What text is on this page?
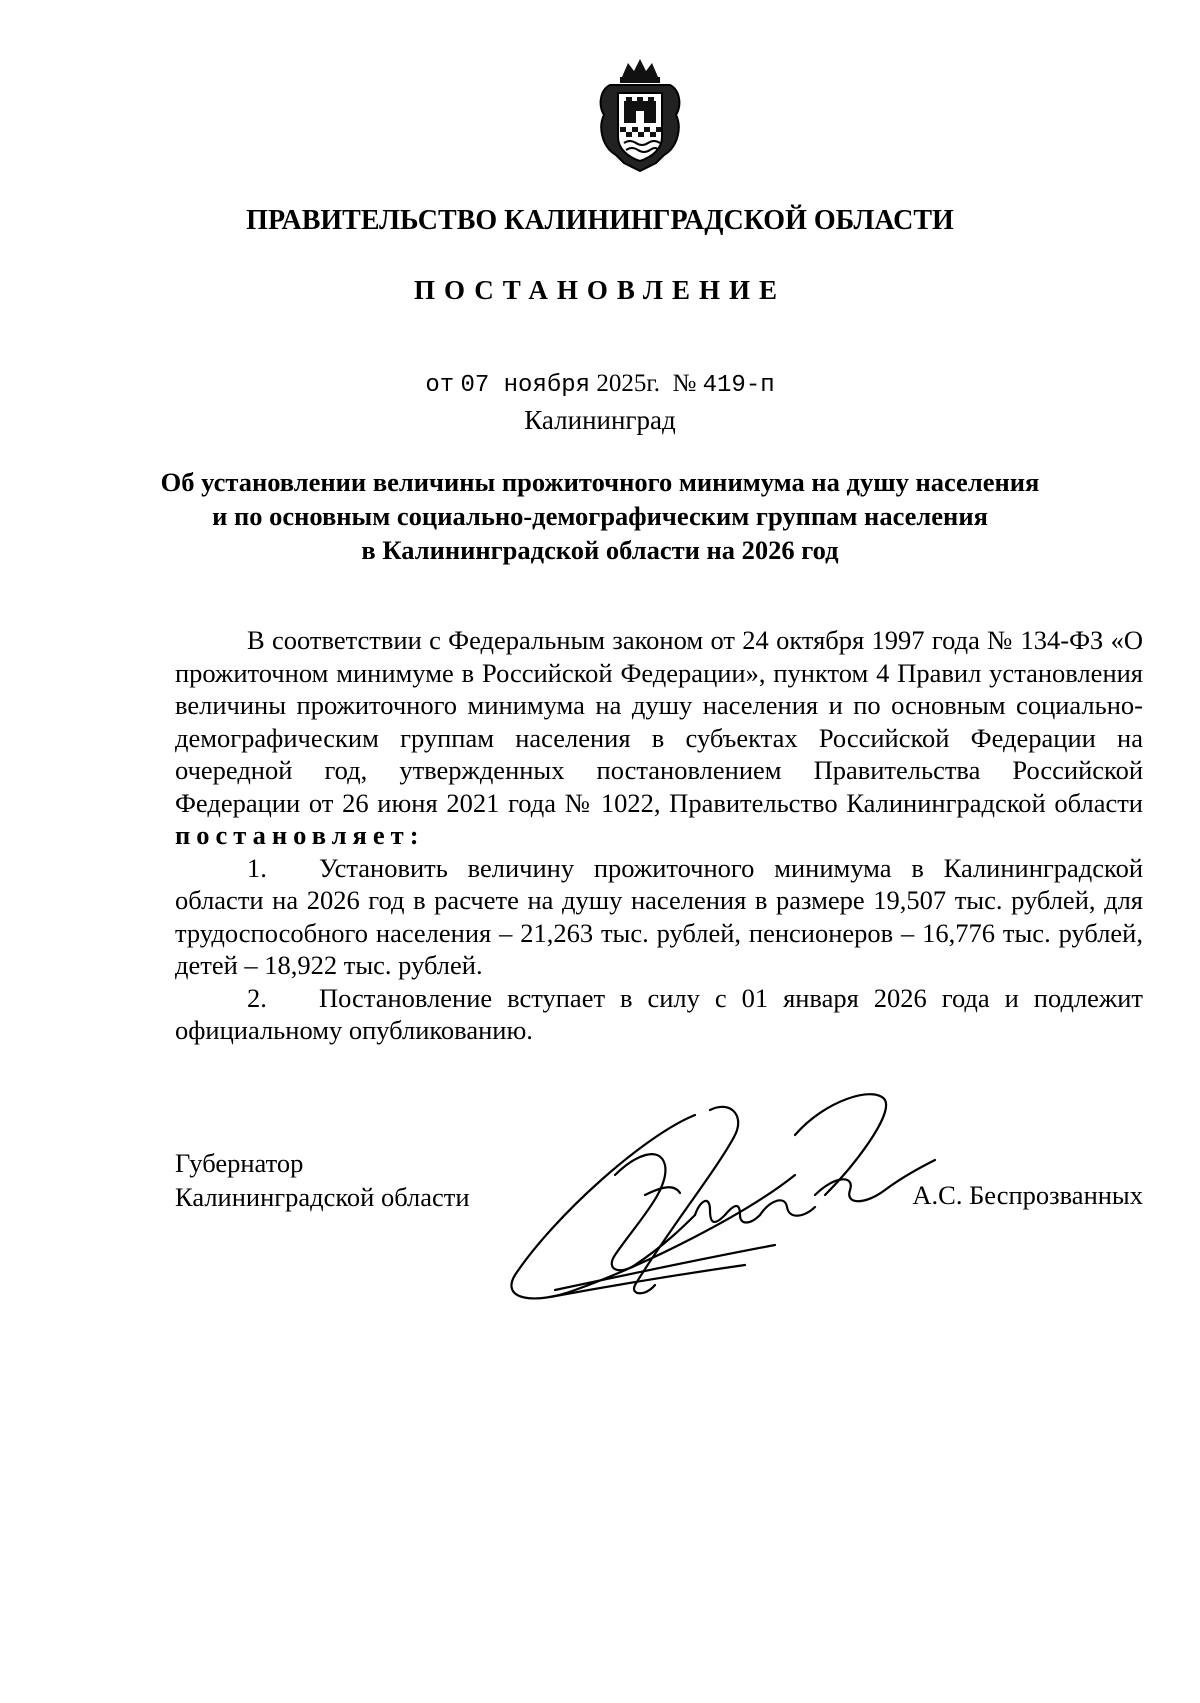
ПРАВИТЕЛЬСТВО КАЛИНИНГРАДСКОЙ ОБЛАСТИ
ПОСТАНОВЛЕНИЕ
от 07 ноября 2025г. № 419-п
Калининград
Об установлении величины прожиточного минимума на душу населения
и по основным социально-демографическим группам населения
в Калининградской области на 2026 год

В соответствии с Федеральным законом от 24 октября 1997 года № 134-ФЗ «О прожиточном минимуме в Российской Федерации», пунктом 4 Правил установления величины прожиточного минимума на душу населения и по основным социально-демографическим группам населения в субъектах Российской Федерации на очередной год, утвержденных постановлением Правительства Российской Федерации от 26 июня 2021 года № 1022, Правительство Калининградской области постановляет:

1. Установить величину прожиточного минимума в Калининградской области на 2026 год в расчете на душу населения в размере 19,507 тыс. рублей, для трудоспособного населения – 21,263 тыс. рублей, пенсионеров – 16,776 тыс. рублей, детей – 18,922 тыс. рублей.

2. Постановление вступает в силу с 01 января 2026 года и подлежит официальному опубликованию.

Губернатор
Калининградской области	А.С. Беспрозванных
